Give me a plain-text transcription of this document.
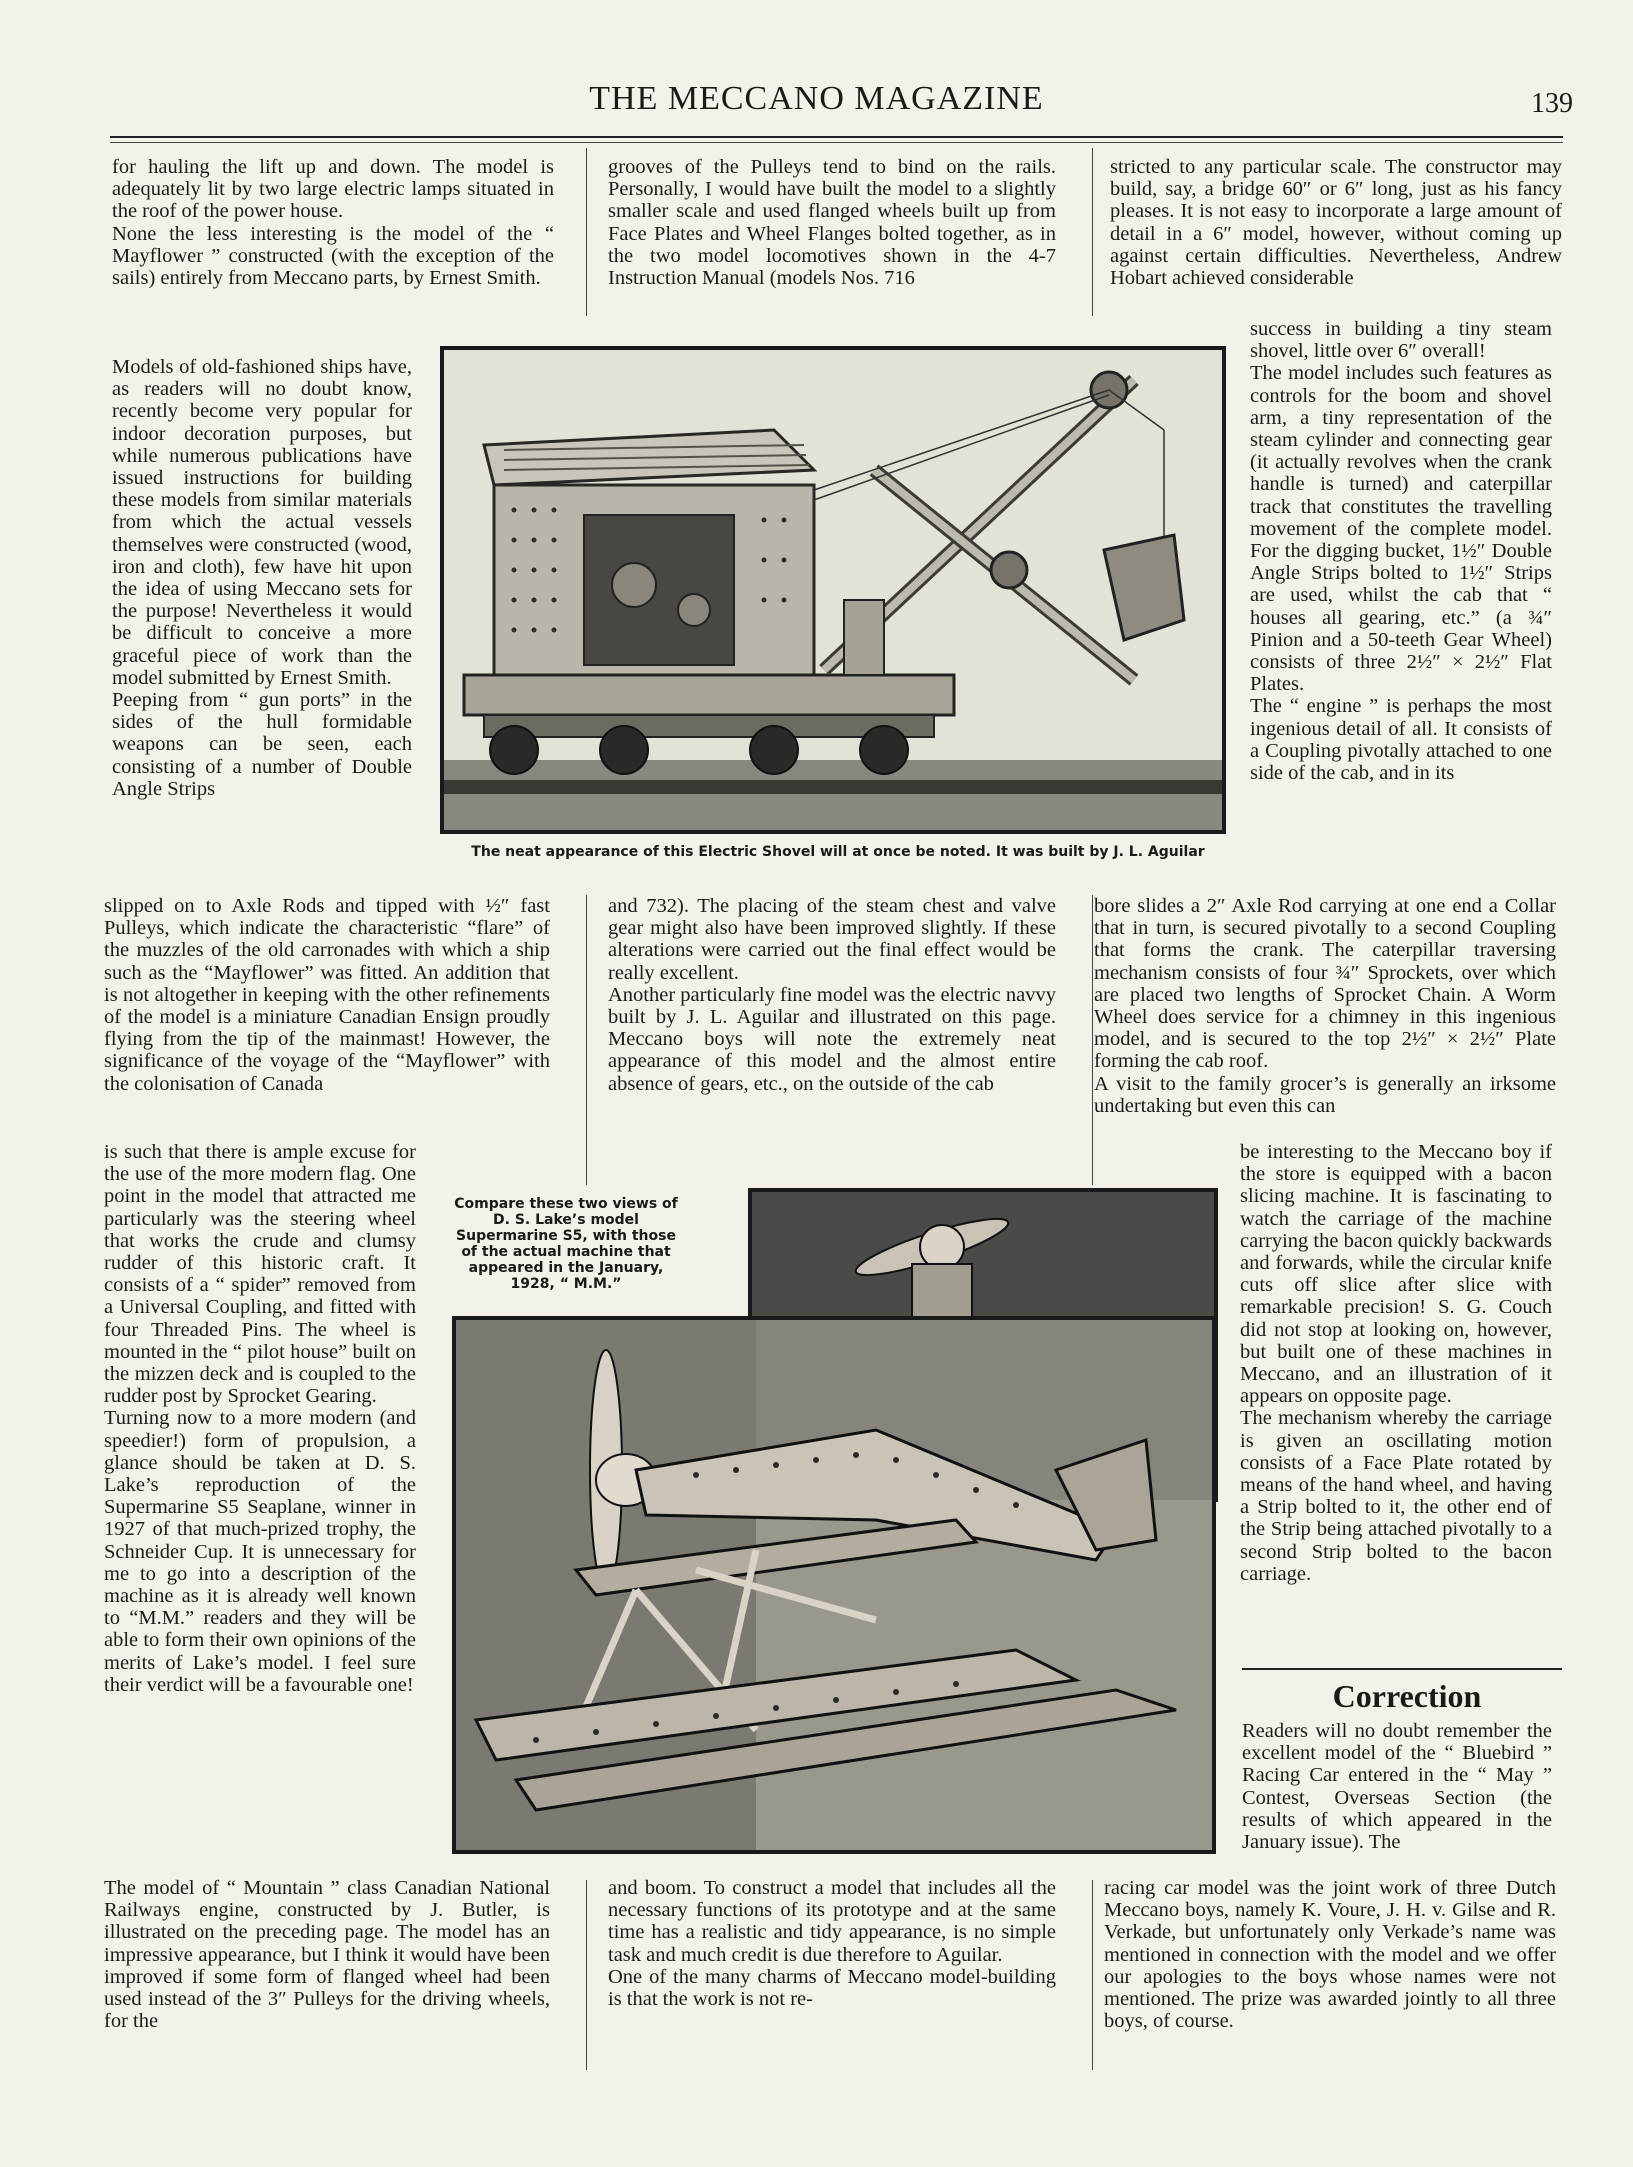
THE MECCANO MAGAZINE	139

for hauling the lift up and down. The model is adequately lit by two large electric lamps situated in the roof of the power house.
None the less interesting is the model of the “ Mayflower ” constructed (with the exception of the sails) entirely from Meccano parts, by Ernest Smith.

Models of old-fashioned ships have, as readers will no doubt know, recently become very popular for indoor decoration purposes, but while numerous publications have issued instructions for building these models from similar materials from which the actual vessels themselves were constructed (wood, iron and cloth), few have hit upon the idea of using Meccano sets for the purpose! Nevertheless it would be difficult to conceive a more graceful piece of work than the model submitted by Ernest Smith.
Peeping from “ gun ports” in the sides of the hull formidable weapons can be seen, each consisting of a number of Double Angle Strips

slipped on to Axle Rods and tipped with ½″ fast Pulleys, which indicate the characteristic “flare” of the muzzles of the old carronades with which a ship such as the “Mayflower” was fitted. An addition that is not altogether in keeping with the other refinements of the model is a miniature Canadian Ensign proudly flying from the tip of the mainmast! However, the significance of the voyage of the “Mayflower” with the colonisation of Canada

is such that there is ample excuse for the use of the more modern flag. One point in the model that attracted me particularly was the steering wheel that works the crude and clumsy rudder of this historic craft. It consists of a “ spider” removed from a Universal Coupling, and fitted with four Threaded Pins. The wheel is mounted in the “ pilot house” built on the mizzen deck and is coupled to the rudder post by Sprocket Gearing.
Turning now to a more modern (and speedier!) form of propulsion, a glance should be taken at D. S. Lake’s reproduction of the Supermarine S5 Seaplane, winner in 1927 of that much-prized trophy, the Schneider Cup. It is unnecessary for me to go into a description of the machine as it is already well known to “M.M.” readers and they will be able to form their own opinions of the merits of Lake’s model. I feel sure their verdict will be a favourable one!

The model of “ Mountain ” class Canadian National Railways engine, constructed by J. Butler, is illustrated on the preceding page. The model has an impressive appearance, but I think it would have been improved if some form of flanged wheel had been used instead of the 3″ Pulleys for the driving wheels, for the

grooves of the Pulleys tend to bind on the rails. Personally, I would have built the model to a slightly smaller scale and used flanged wheels built up from Face Plates and Wheel Flanges bolted together, as in the two model locomotives shown in the 4-7 Instruction Manual (models Nos. 716

and 732). The placing of the steam chest and valve gear might also have been improved slightly. If these alterations were carried out the final effect would be really excellent.
Another particularly fine model was the electric navvy built by J. L. Aguilar and illustrated on this page. Meccano boys will note the extremely neat appearance of this model and the almost entire absence of gears, etc., on the outside of the cab

and boom. To construct a model that includes all the necessary functions of its prototype and at the same time has a realistic and tidy appearance, is no simple task and much credit is due therefore to Aguilar.
One of the many charms of Meccano model-building is that the work is not re-

stricted to any particular scale. The constructor may build, say, a bridge 60″ or 6″ long, just as his fancy pleases. It is not easy to incorporate a large amount of detail in a 6″ model, however, without coming up against certain difficulties. Nevertheless, Andrew Hobart achieved considerable

success in building a tiny steam shovel, little over 6″ overall!
The model includes such features as controls for the boom and shovel arm, a tiny representation of the steam cylinder and connecting gear (it actually revolves when the crank handle is turned) and caterpillar track that constitutes the travelling movement of the complete model. For the digging bucket, 1½″ Double Angle Strips bolted to 1½″ Strips are used, whilst the cab that “ houses all gearing, etc.” (a ¾″ Pinion and a 50-teeth Gear Wheel) consists of three 2½″ × 2½″ Flat Plates.
The “ engine ” is perhaps the most ingenious detail of all. It consists of a Coupling pivotally attached to one side of the cab, and in its

bore slides a 2″ Axle Rod carrying at one end a Collar that in turn, is secured pivotally to a second Coupling that forms the crank. The caterpillar traversing mechanism consists of four ¾″ Sprockets, over which are placed two lengths of Sprocket Chain. A Worm Wheel does service for a chimney in this ingenious model, and is secured to the top 2½″ × 2½″ Plate forming the cab roof.
A visit to the family grocer’s is generally an irksome undertaking but even this can

be interesting to the Meccano boy if the store is equipped with a bacon slicing machine. It is fascinating to watch the carriage of the machine carrying the bacon quickly backwards and forwards, while the circular knife cuts off slice after slice with remarkable precision! S. G. Couch did not stop at looking on, however, but built one of these machines in Meccano, and an illustration of it appears on opposite page.
The mechanism whereby the carriage is given an oscillating motion consists of a Face Plate rotated by means of the hand wheel, and having a Strip bolted to it, the other end of the Strip being attached pivotally to a second Strip bolted to the bacon carriage.

Correction

Readers will no doubt remember the excellent model of the “ Bluebird ” Racing Car entered in the “ May ” Contest, Overseas Section (the results of which appeared in the January issue). The

racing car model was the joint work of three Dutch Meccano boys, namely K. Voure, J. H. v. Gilse and R. Verkade, but unfortunately only Verkade’s name was mentioned in connection with the model and we offer our apologies to the boys whose names were not mentioned. The prize was awarded jointly to all three boys, of course.

The neat appearance of this Electric Shovel will at once be noted. It was built by J. L. Aguilar
Compare these two views of D. S. Lake’s model Supermarine S5, with those of the actual machine that appeared in the January, 1928, “ M.M.”
